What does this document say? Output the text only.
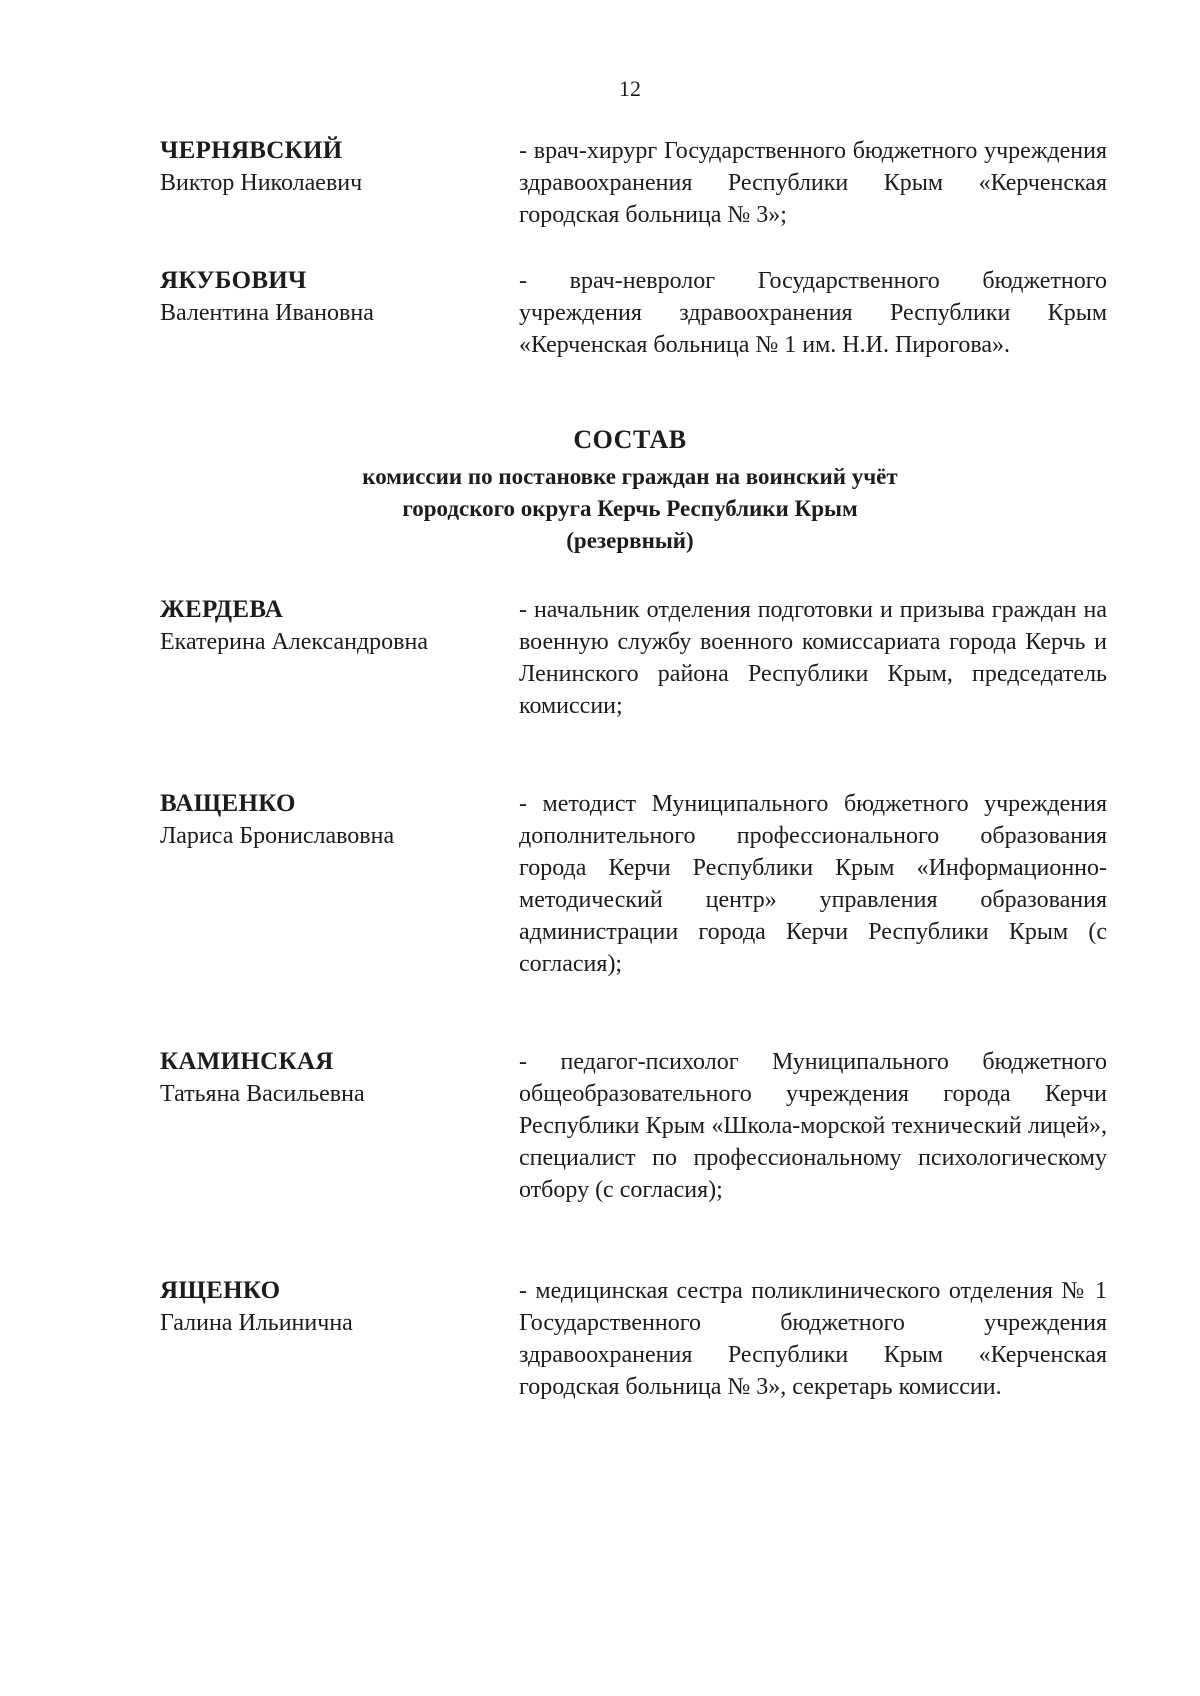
12
ЧЕРНЯВСКИЙ
Виктор Николаевич
- врач-хирург Государственного бюджетного учреждения здравоохранения Республики Крым «Керченская городская больница № 3»;
ЯКУБОВИЧ
Валентина Ивановна
- врач-невролог Государственного бюджетного учреждения здравоохранения Республики Крым «Керченская больница № 1 им. Н.И. Пирогова».
СОСТАВ
комиссии по постановке граждан на воинский учёт
городского округа Керчь Республики Крым
(резервный)
ЖЕРДЕВА
Екатерина Александровна
- начальник отделения подготовки и призыва граждан на военную службу военного комиссариата города Керчь и Ленинского района Республики Крым, председатель комиссии;
ВАЩЕНКО
Лариса Брониславовна
- методист Муниципального бюджетного учреждения дополнительного профессионального образования города Керчи Республики Крым «Информационно-методический центр» управления образования администрации города Керчи Республики Крым (с согласия);
КАМИНСКАЯ
Татьяна Васильевна
- педагог-психолог Муниципального бюджетного общеобразовательного учреждения города Керчи Республики Крым «Школа-морской технический лицей», специалист по профессиональному психологическому отбору (с согласия);
ЯЩЕНКО
Галина Ильинична
- медицинская сестра поликлинического отделения № 1 Государственного бюджетного учреждения здравоохранения Республики Крым «Керченская городская больница № 3», секретарь комиссии.
